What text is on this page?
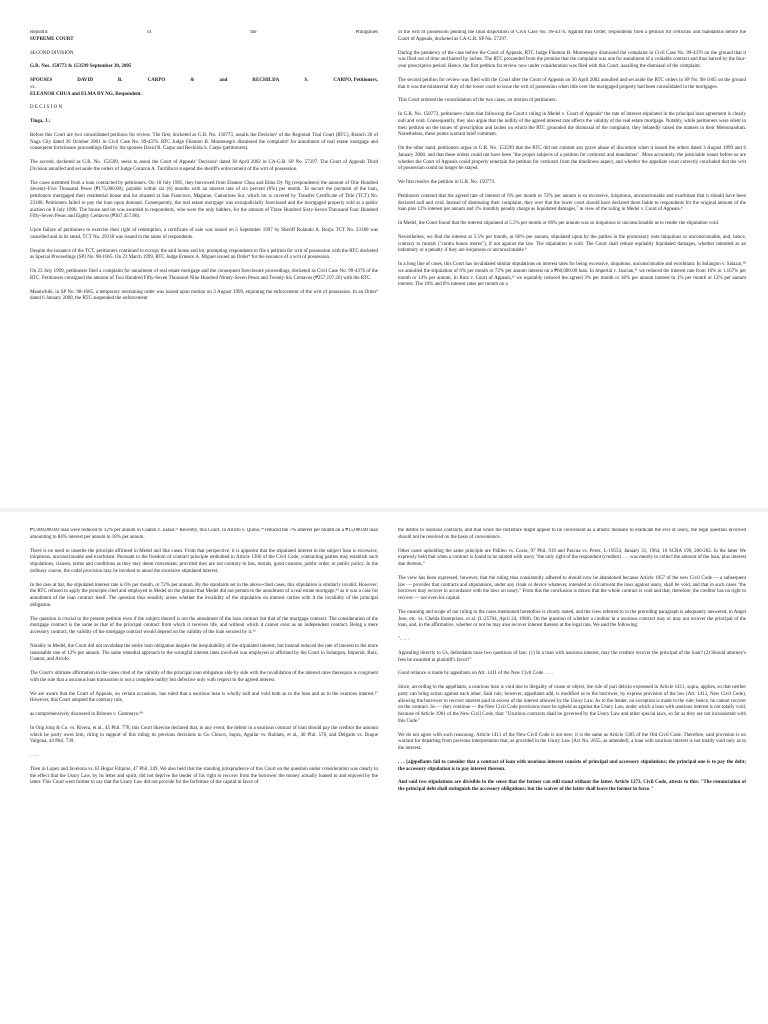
Republic	of	the	Philippines

SUPREME COURT

SECOND DIVISION

G.R. Nos. 150773 & 153599 September 30, 2005

SPOUSES	DAVID	B.	CARPO	&	and	RECHILDA	S.	CARPO, Petitioners,
vs.

ELEANOR CHUA and ELMA DY NG, Respondent.

D E C I S I O N

Tinga, J.:

Before this Court are two consolidated petitions for review. The first, docketed as G.R. No. 150773, assails the Decision¹ of the Regional Trial Court (RTC), Branch 26 of Naga City dated 26 October 2001 in Civil Case No. 99-4376. RTC Judge Filemon B. Montenegro dismissed the complaint² for annulment of real estate mortgage and consequent foreclosure proceedings filed by the spouses David B. Carpo and Rechilda S. Carpo (petitioners).

The second, docketed as G.R. No. 153599, seeks to annul the Court of Appeals' Decision³ dated 30 April 2002 in CA-G.R. SP No. 57297. The Court of Appeals Third Division annulled and set aside the orders of Judge Corazon A. Tordilla to suspend the sheriff's enforcement of the writ of possession.

The cases stemmed from a loan contracted by petitioners. On 18 July 1995, they borrowed from Eleanor Chua and Elma Dy Ng (respondents) the amount of One Hundred Seventy-Five Thousand Pesos (₱175,000.00), payable within six (6) months with an interest rate of six percent (6%) per month. To secure the payment of the loan, petitioners mortgaged their residential house and lot situated at San Francisco, Magarao, Camarines Sur, which lot is covered by Transfer Certificate of Title (TCT) No. 23180. Petitioners failed to pay the loan upon demand. Consequently, the real estate mortgage was extrajudicially foreclosed and the mortgaged property sold at a public auction on 8 July 1996. The house and lot was awarded to respondents, who were the only bidders, for the amount of Three Hundred Sixty-Seven Thousand Four Hundred Fifty-Seven Pesos and Eighty Centavos (₱367,457.80).

Upon failure of petitioners to exercise their right of redemption, a certificate of sale was issued on 5 September 1997 by Sheriff Rolando A. Borja. TCT No. 23180 was cancelled and in its stead, TCT No. 29338 was issued in the name of respondents.

Despite the issuance of the TCT, petitioners continued to occupy the said house and lot, prompting respondents to file a petition for writ of possession with the RTC docketed as Special Proceedings (SP) No. 98-1665. On 23 March 1999, RTC Judge Ernesto A. Miguel issued an Order⁴ for the issuance of a writ of possession.

On 23 July 1999, petitioners filed a complaint for annulment of real estate mortgage and the consequent foreclosure proceedings, docketed as Civil Case No. 99-4376 of the RTC. Petitioners consigned the amount of Two Hundred Fifty-Seven Thousand Nine Hundred Ninety-Seven Pesos and Twenty-Six Centavos (₱257,197.26) with the RTC.

Meanwhile, in SP No. 98-1665, a temporary restraining order was issued upon motion on 3 August 1999, enjoining the enforcement of the writ of possession. In an Order⁵ dated 6 January 2000, the RTC suspended the enforcement

of the writ of possession pending the final disposition of Civil Case No. 99-4376. Against this Order, respondents filed a petition for certiorari and mandamus before the Court of Appeals, docketed as CA-G.R. SP No. 57297.

During the pendency of the case before the Court of Appeals, RTC Judge Filemon B. Montenegro dismissed the complaint in Civil Case No. 99-4376 on the ground that it was filed out of time and barred by laches. The RTC proceeded from the premise that the complaint was one for annulment of a voidable contract and thus barred by the four-year prescriptive period. Hence, the first petition for review now under consideration was filed with this Court, assailing the dismissal of the complaint.

The second petition for review was filed with the Court after the Court of Appeals on 30 April 2002 annulled and set aside the RTC orders in SP No. 98-1665 on the ground that it was the ministerial duty of the lower court to issue the writ of possession when title over the mortgaged property had been consolidated in the mortgagee.

This Court ordered the consolidation of the two cases, on motion of petitioners.

In G.R. No. 150773, petitioners claim that following the Court's ruling in Medel v. Court of Appeals⁶ the rate of interest stipulated in the principal loan agreement is clearly null and void. Consequently, they also argue that the nullity of the agreed interest rate affects the validity of the real estate mortgage. Notably, while petitioners were silent in their petition on the issues of prescription and laches on which the RTC grounded the dismissal of the complaint, they belatedly raised the matters in their Memorandum. Nonetheless, these points warrant brief comment.

On the other hand, petitioners argue in G.R. No. 153599 that the RTC did not commit any grave abuse of discretion when it issued the orders dated 3 August 1999 and 6 January 2000, and that these orders could not have been "the proper subjects of a petition for certiorari and mandamus". More accurately, the justiciable issues before us are whether the Court of Appeals could properly entertain the petition for certiorari from the timeliness aspect, and whether the appellate court correctly concluded that the writ of possession could no longer be stayed.

We first resolve the petition in G.R. No. 150773.

Petitioners contend that the agreed rate of interest of 6% per month or 72% per annum is so excessive, iniquitous, unconscionable and exorbitant that it should have been declared null and void. Instead of dismissing their complaint, they aver that the lower court should have declared them liable to respondents for the original amount of the loan plus 12% interest per annum and 1% monthly penalty charge as liquidated damages,⁷ in view of the ruling in Medel v. Court of Appeals.⁸

In Medel, the Court found that the interest stipulated at 5.5% per month or 66% per annum was so iniquitous or unconscionable as to render the stipulation void.

Nevertheless, we find the interest at 5.5% per month, or 66% per annum, stipulated upon by the parties in the promissory note iniquitous or unconscionable, and, hence, contrary to morals ("contra bonos mores"), if not against the law. The stipulation is void. The Court shall reduce equitably liquidated damages, whether intended as an indemnity or a penalty if they are iniquitous or unconscionable.⁹

In a long line of cases, this Court has invalidated similar stipulations on interest rates for being excessive, iniquitous, unconscionable and exorbitant. In Solangon v. Salazar,¹⁰ we annulled the stipulation of 6% per month or 72% per annum interest on a ₱60,000.00 loan. In Imperial v. Jaucian,¹¹ we reduced the interest rate from 16% to 1.167% per month or 14% per annum. In Ruiz v. Court of Appeals,¹² we equitably reduced the agreed 3% per month or 36% per annum interest to 1% per month or 12% per annum interest. The 10% and 8% interest rates per month on a

₱1,000,000.00 loan were reduced to 12% per annum in Cuaton v. Salud.¹³ Recently, this Court, in Arrofo v. Quino,¹⁴ reduced the 7% interest per month on a ₱15,000.00 loan amounting to 84% interest per annum to 18% per annum.

There is no need to unsettle the principle affirmed in Medel and like cases. From that perspective, it is apparent that the stipulated interest in the subject loan is excessive, iniquitous, unconscionable and exorbitant. Pursuant to the freedom of contract principle embodied in Article 1306 of the Civil Code, contracting parties may establish such stipulations, clauses, terms and conditions as they may deem convenient, provided they are not contrary to law, morals, good customs, public order, or public policy. In the ordinary course, the codal provision may be invoked to annul the excessive stipulated interest.

In the case at bar, the stipulated interest rate is 6% per month, or 72% per annum. By the standards set in the above-cited cases, this stipulation is similarly invalid. However, the RTC refused to apply the principle cited and employed in Medel on the ground that Medel did not pertain to the annulment of a real estate mortgage,¹⁵ as it was a case for annulment of the loan contract itself. The question thus sensibly arises whether the invalidity of the stipulation on interest carries with it the invalidity of the principal obligation.

The question is crucial to the present petition even if the subject thereof is not the annulment of the loan contract but that of the mortgage contract. The consideration of the mortgage contract is the same as that of the principal contract from which it receives life, and without which it cannot exist as an independent contract. Being a mere accessory contract, the validity of the mortgage contract would depend on the validity of the loan secured by it.¹⁶

Notably in Medel, the Court did not invalidate the entire loan obligation despite the inequitability of the stipulated interest, but instead reduced the rate of interest to the more reasonable rate of 12% per annum. The same remedial approach to the wrongful interest rates involved was employed or affirmed by the Court in Solangon, Imperial, Ruiz, Cuaton, and Arrofo.

The Court's ultimate affirmation in the cases cited of the validity of the principal loan obligation side by side with the invalidation of the interest rates thereupon is congruent with the rule that a usurious loan transaction is not a complete nullity but defective only with respect to the agreed interest.

We are aware that the Court of Appeals, on certain occasions, has ruled that a usurious loan is wholly null and void both as to the loan and as to the usurious interest.¹⁷ However, this Court adopted the contrary rule,

as comprehensively discussed in Briones v. Cammayo:¹⁸

In Ong Jong & Co. vs. Rivera, et al., 45 Phil. 778, this Court likewise declared that, in any event, the debtor in a usurious contract of loan should pay the creditor the amount which he justly owes him, citing in support of this ruling its previous decisions in Go Chioco, Supra, Aguilar vs. Rubiato, et al., 40 Phil. 570, and Delgado vs. Duque Valgona, 44 Phil. 739.

. . . .

Then in Lopez and Javelona vs. El Hogar Filipino, 47 Phil. 249, We also held that the standing jurisprudence of this Court on the question under consideration was clearly to the effect that the Usury Law, by its letter and spirit, did not deprive the lender of his right to recover from the borrower the money actually loaned to and enjoyed by the latter. This Court went further to say that the Usury Law did not provide for the forfeiture of the capital in favor of

the debtor in usurious contracts, and that while the forfeiture might appear to be convenient as a drastic measure to eradicate the evil of usury, the legal question involved should not be resolved on the basis of convenience.

Other cases upholding the same principle are Palileo vs. Cosio, 97 Phil. 919 and Pascua vs. Perez, L-19554, January 31, 1964, 10 SCRA 199, 200-202. In the latter We expressly held that when a contract is found to be tainted with usury "the only right of the respondent (creditor) . . . was merely to collect the amount of the loan, plus interest due thereon."

The view has been expressed, however, that the ruling thus consistently adhered to should now be abandoned because Article 1957 of the new Civil Code — a subsequent law — provides that contracts and stipulations, under any cloak or device whatever, intended to circumvent the laws against usury, shall be void, and that in such cases "the borrower may recover in accordance with the laws on usury." From this the conclusion is drawn that the whole contract is void and that, therefore, the creditor has no right to recover — not even his capital.

The meaning and scope of our ruling in the cases mentioned heretofore is clearly stated, and the view referred to in the preceding paragraph is adequately answered, in Angel Jose, etc. vs. Chelda Enterprises, et al. (L-25704, April 24, 1968). On the question of whether a creditor in a usurious contract may or may not recover the principal of the loan, and, in the affirmative, whether or not he may also recover interest thereon at the legal rate, We said the following:

". . . .

Appealing directly to Us, defendants raise two questions of law: (1) In a loan with usurious interest, may the creditor recover the principal of the loan? (2) Should attorney's fees be awarded in plaintiff's favor?"

Great reliance is made by appellants on Art. 1411 of the New Civil Code . . . .

Since, according to the appellants, a usurious loan is void due to illegality of cause or object, the rule of pari delicto expressed in Article 1411, supra, applies, so that neither party can bring action against each other. Said rule, however, appellants add, is modified as to the borrower, by express provision of the law (Art. 1413, New Civil Code), allowing the borrower to recover interest paid in excess of the interest allowed by the Usury Law. As to the lender, no exception is made to the rule; hence, he cannot recover on the contract. So — they continue — the New Civil Code provisions must be upheld as against the Usury Law, under which a loan with usurious interest is not totally void, because of Article 1961 of the New Civil Code, that: "Usurious contracts shall be governed by the Usury Law and other special laws, so far as they are not inconsistent with this Code."

We do not agree with such reasoning. Article 1411 of the New Civil Code is not new; it is the same as Article 1305 of the Old Civil Code. Therefore, said provision is no warrant for departing from previous interpretation that, as provided in the Usury Law (Act No. 2655, as amended), a loan with usurious interest is not totally void only as to the interest.

. . . [a]ppellants fail to consider that a contract of loan with usurious interest consists of principal and accessory stipulations; the principal one is to pay the debt; the accessory stipulation is to pay interest thereon.

And said two stipulations are divisible in the sense that the former can still stand without the latter. Article 1273, Civil Code, attests to this: "The renunciation of the principal debt shall extinguish the accessory obligations; but the waiver of the latter shall leave the former in force."
